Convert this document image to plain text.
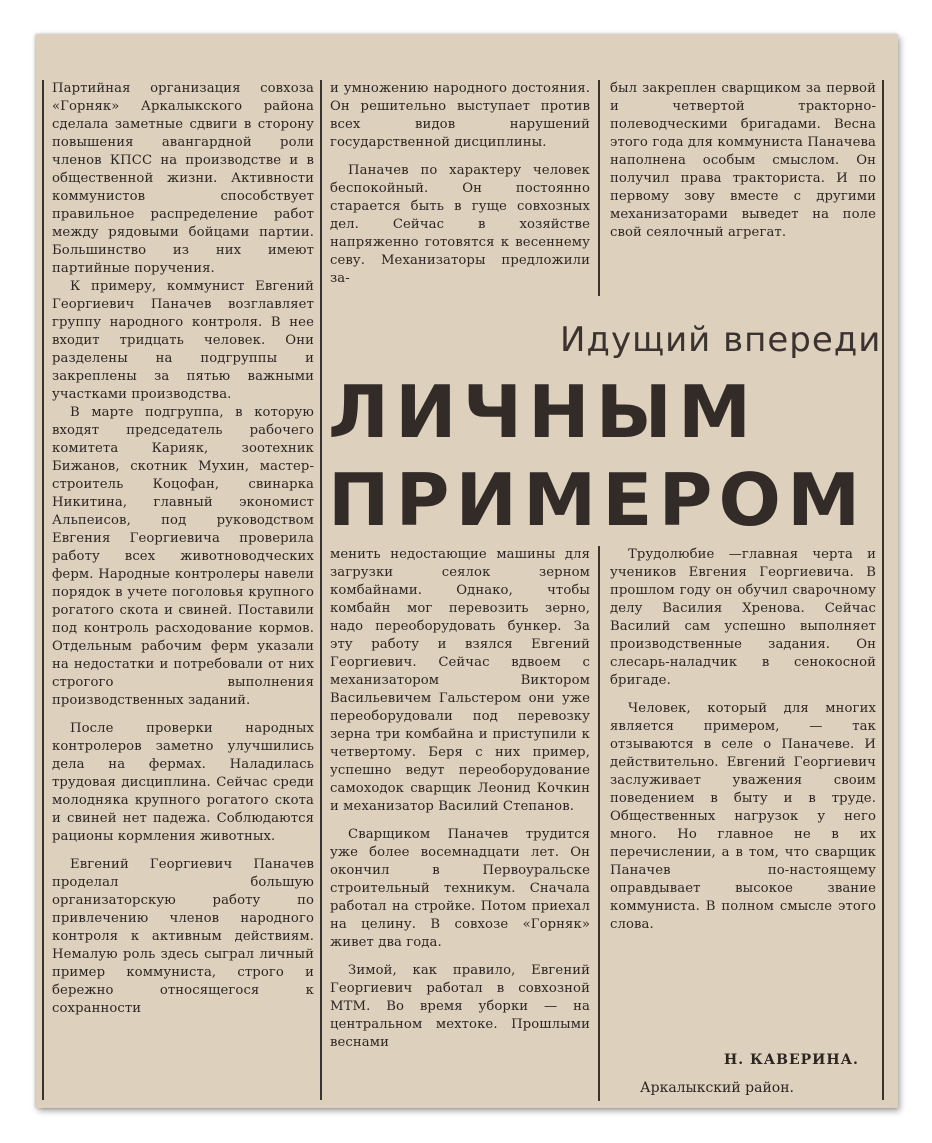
Партийная организация совхоза «Горняк» Аркалыкского района сделала заметные сдвиги в сторону повышения авангардной роли членов КПСС на производстве и в общественной жизни. Активности коммунистов способствует правильное распределение работ между рядовыми бойцами партии. Большинство из них имеют партийные поручения.

К примеру, коммунист Евгений Георгиевич Паначев возглавляет группу народного контроля. В нее входит тридцать человек. Они разделены на подгруппы и закреплены за пятью важными участками производства.

В марте подгруппа, в которую входят председатель рабочего комитета Карияк, зоотехник Бижанов, скотник Мухин, мастер-строитель Коцофан, свинарка Никитина, главный экономист Альпеисов, под руководством Евгения Георгиевича проверила работу всех животноводческих ферм. Народные контролеры навели порядок в учете поголовья крупного рогатого скота и свиней. Поставили под контроль расходование кормов. Отдельным рабочим ферм указали на недостатки и потребовали от них строгого выполнения производственных заданий.

После проверки народных контролеров заметно улучшились дела на фермах. Наладилась трудовая дисциплина. Сейчас среди молодняка крупного рогатого скота и свиней нет падежа. Соблюдаются рационы кормления животных.

Евгений Георгиевич Паначев проделал большую организаторскую работу по привлечению членов народного контроля к активным действиям. Немалую роль здесь сыграл личный пример коммуниста, строго и бережно относящегося к сохранности

и умножению народного достояния. Он решительно выступает против всех видов нарушений государственной дисциплины.

Паначев по характеру человек беспокойный. Он постоянно старается быть в гуще совхозных дел. Сейчас в хозяйстве напряженно готовятся к весеннему севу. Механизаторы предложили за-

был закреплен сварщиком за первой и четвертой тракторно-полеводческими бригадами. Весна этого года для коммуниста Паначева наполнена особым смыслом. Он получил права тракториста. И по первому зову вместе с другими механизаторами выведет на поле свой сеялочный агрегат.

Идущий впереди
ЛИЧНЫМ
ПРИМЕРОМ

менить недостающие машины для загрузки сеялок зерном комбайнами. Однако, чтобы комбайн мог перевозить зерно, надо переоборудовать бункер. За эту работу и взялся Евгений Георгиевич. Сейчас вдвоем с механизатором Виктором Васильевичем Гальстером они уже переоборудовали под перевозку зерна три комбайна и приступили к четвертому. Беря с них пример, успешно ведут переоборудование самоходок сварщик Леонид Кочкин и механизатор Василий Степанов.

Сварщиком Паначев трудится уже более восемнадцати лет. Он окончил в Первоуральске строительный техникум. Сначала работал на стройке. Потом приехал на целину. В совхозе «Горняк» живет два года.

Зимой, как правило, Евгений Георгиевич работал в совхозной МТМ. Во время уборки — на центральном мехтоке. Прошлыми веснами

Трудолюбие —главная черта и учеников Евгения Георгиевича. В прошлом году он обучил сварочному делу Василия Хренова. Сейчас Василий сам успешно выполняет производственные задания. Он слесарь-наладчик в сенокосной бригаде.

Человек, который для многих является примером, — так отзываются в селе о Паначеве. И действительно. Евгений Георгиевич заслуживает уважения своим поведением в быту и в труде. Общественных нагрузок у него много. Но главное не в их перечислении, а в том, что сварщик Паначев по-настоящему оправдывает высокое звание коммуниста. В полном смысле этого слова.

Н. КАВЕРИНА.
Аркалыкский район.
